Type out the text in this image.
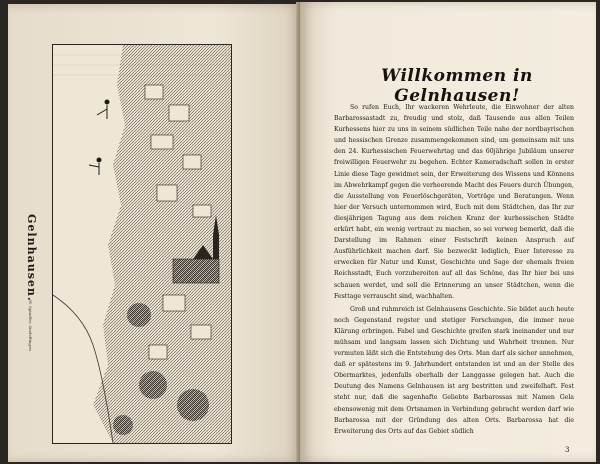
Gelnhausen.
W. Spindler, Sindelfingen
Willkommen in Gelnhausen!

So rufen Euch, Ihr wackeren Wehrleute, die Einwohner der alten Barbarossastadt zu, freudig und stolz, daß Tausende aus allen Teilen Kurhessens hier zu uns in seinem südlichen Teile nahe der nordbayrischen und hessischen Grenze zusammengekommen sind, um gemeinsam mit uns den 24. Kurhessischen Feuerwehrtag und das 60jährige Jubiläum unserer freiwilligen Feuerwehr zu begehen. Echter Kameradschaft sollen in erster Linie diese Tage gewidmet sein, der Erweiterung des Wissens und Könnens im Abwehrkampf gegen die verheerende Macht des Feuers durch Übungen, die Ausstellung von Feuerlöschgeräten, Vorträge und Beratungen. Wenn hier der Versuch unternommen wird, Euch mit dem Städtchen, das Ihr zur diesjährigen Tagung aus dem reichen Kranz der kurhessischen Städte erkürt habt, ein wenig vertraut zu machen, so sei vorweg bemerkt, daß die Darstellung im Rahmen einer Festschrift keinen Anspruch auf Ausführlichkeit machen darf. Sie bezweckt lediglich, Euer Interesse zu erwecken für Natur und Kunst, Geschichte und Sage der ehemals freien Reichsstadt, Euch vorzubereiten auf all das Schöne, das Ihr hier bei uns schauen werdet, und soll die Erinnerung an unser Städtchen, wenn die Festtage verrauscht sind, wachhalten.

Groß und ruhmreich ist Gelnhausens Geschichte. Sie bildet auch heute noch Gegenstand regster und stetiger Forschungen, die immer neue Klärung erbringen. Fabel und Geschichte greifen stark ineinander und nur mühsam und langsam lassen sich Dichtung und Wahrheit trennen. Nur vermuten läßt sich die Entstehung des Orts. Man darf als sicher annehmen, daß er spätestens im 9. Jahrhundert entstanden ist und an der Stelle des Obermarktes, jedenfalls oberhalb der Langgasse gelegen hat. Auch die Deutung des Namens Gelnhausen ist arg bestritten und zweifelhaft. Fest steht nur, daß die sagenhafte Geliebte Barbarossas mit Namen Gela ebensowenig mit dem Ortsnamen in Verbindung gebracht werden darf wie Barbarossa mit der Gründung des alten Orts. Barbarossa hat die Erweiterung des Orts auf das Gebiet südlich

3
